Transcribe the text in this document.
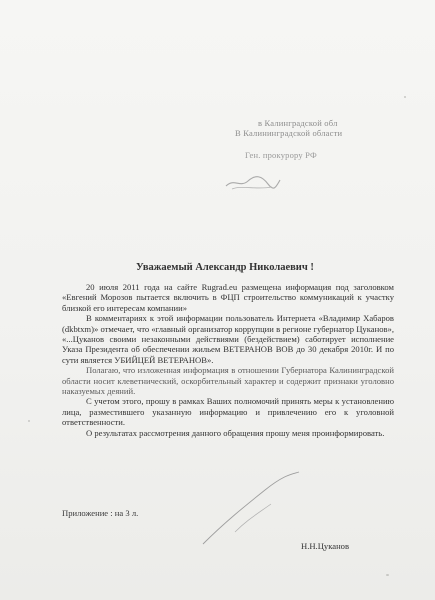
в Калинградской обл
В Калининградской области
Ген. прокурору РФ
Уважаемый Александр Николаевич !

20 июля 2011 года на сайте Rugrad.eu размещена информация под заголовком «Евгений Морозов пытается включить в ФЦП строительство коммуникаций к участку близкой его интересам компании»

В комментариях к этой информации пользователь Интернета «Владимир Хабаров (dkbtxm)» отмечает, что «главный организатор коррупции в регионе губернатор Цуканов», «...Цуканов своими незаконными действиями (бездействием) саботирует исполнение Указа Президента об обеспечении жильем ВЕТЕРАНОВ ВОВ до 30 декабря 2010г. И по сути является УБИЙЦЕЙ ВЕТЕРАНОВ».

Полагаю, что изложенная информация в отношении Губернатора Калининградской области носит клеветнический, оскорбительный характер и содержит признаки уголовно наказуемых деяний.

С учетом этого, прошу в рамках Ваших полномочий принять меры к установлению лица, разместившего указанную информацию и привлечению его к уголовной ответственности.

О результатах рассмотрения данного обращения прошу меня проинформировать.

Приложение : на 3 л.
Н.Н.Цуканов
